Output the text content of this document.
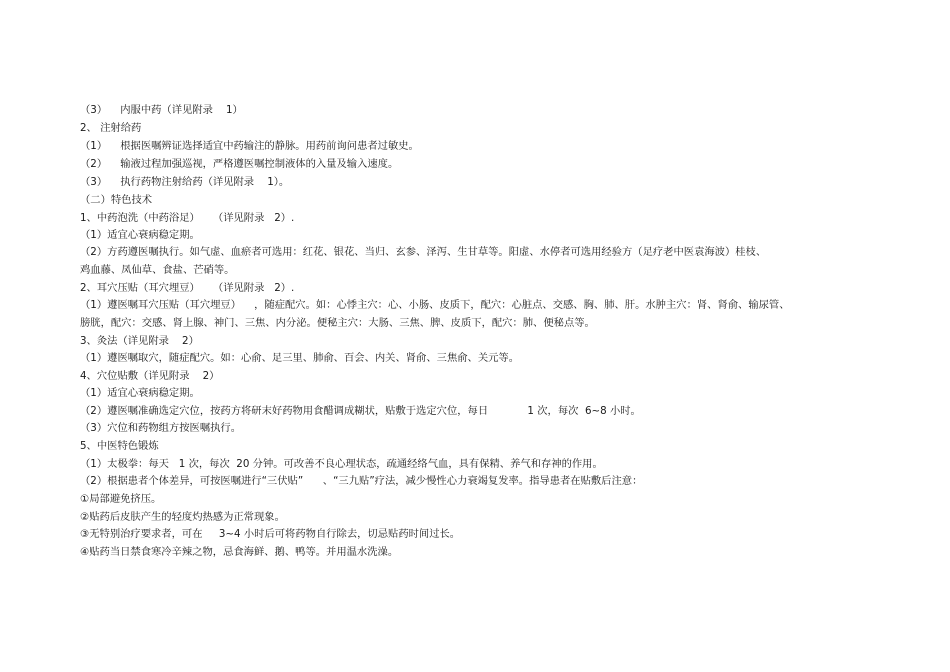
（3）    内服中药（详见附录    1）
2、 注射给药
（1）    根据医嘱辨证选择适宜中药输注的静脉。用药前询问患者过敏史。
（2）    输液过程加强巡视，严格遵医嘱控制液体的入量及输入速度。
（3）    执行药物注射给药（详见附录    1）。
（二）特色技术
1、中药泡洗（中药浴足）    （详见附录   2）.
（1）适宜心衰病稳定期。
（2）方药遵医嘱执行。如气虚、血瘀者可选用：红花、银花、当归、玄参、泽泻、生甘草等。阳虚、水停者可选用经验方（足疗老中医袁海波）桂枝、
鸡血藤、凤仙草、食盐、芒硝等。
2、耳穴压贴（耳穴埋豆）    （详见附录   2）.
（1）遵医嘱耳穴压贴（耳穴埋豆）    ，随症配穴。如：心悸主穴：心、小肠、皮质下，配穴：心脏点、交感、胸、肺、肝。水肿主穴：肾、肾俞、输尿管、
膀胱，配穴：交感、肾上腺、神门、三焦、内分泌。便秘主穴：大肠、三焦、脾、皮质下，配穴：肺、便秘点等。
3、灸法（详见附录    2）
（1）遵医嘱取穴，随症配穴。如：心俞、足三里、肺俞、百会、内关、肾俞、三焦俞、关元等。
4、穴位贴敷（详见附录    2）
（1）适宜心衰病稳定期。
（2）遵医嘱准确选定穴位，按药方将研末好药物用食醋调成糊状，贴敷于选定穴位，每日            1 次，每次  6~8 小时。
（3）穴位和药物组方按医嘱执行。
5、中医特色锻炼
（1）太极拳：每天   1 次，每次  20 分钟。可改善不良心理状态，疏通经络气血，具有保精、养气和存神的作用。
（2）根据患者个体差异，可按医嘱进行“三伏贴”      、“三九贴”疗法，减少慢性心力衰竭复发率。指导患者在贴敷后注意：
①局部避免挤压。
②贴药后皮肤产生的轻度灼热感为正常现象。
③无特别治疗要求者，可在     3~4 小时后可将药物自行除去，切忌贴药时间过长。
④贴药当日禁食寒冷辛辣之物，忌食海鲜、鹅、鸭等。并用温水洗澡。
